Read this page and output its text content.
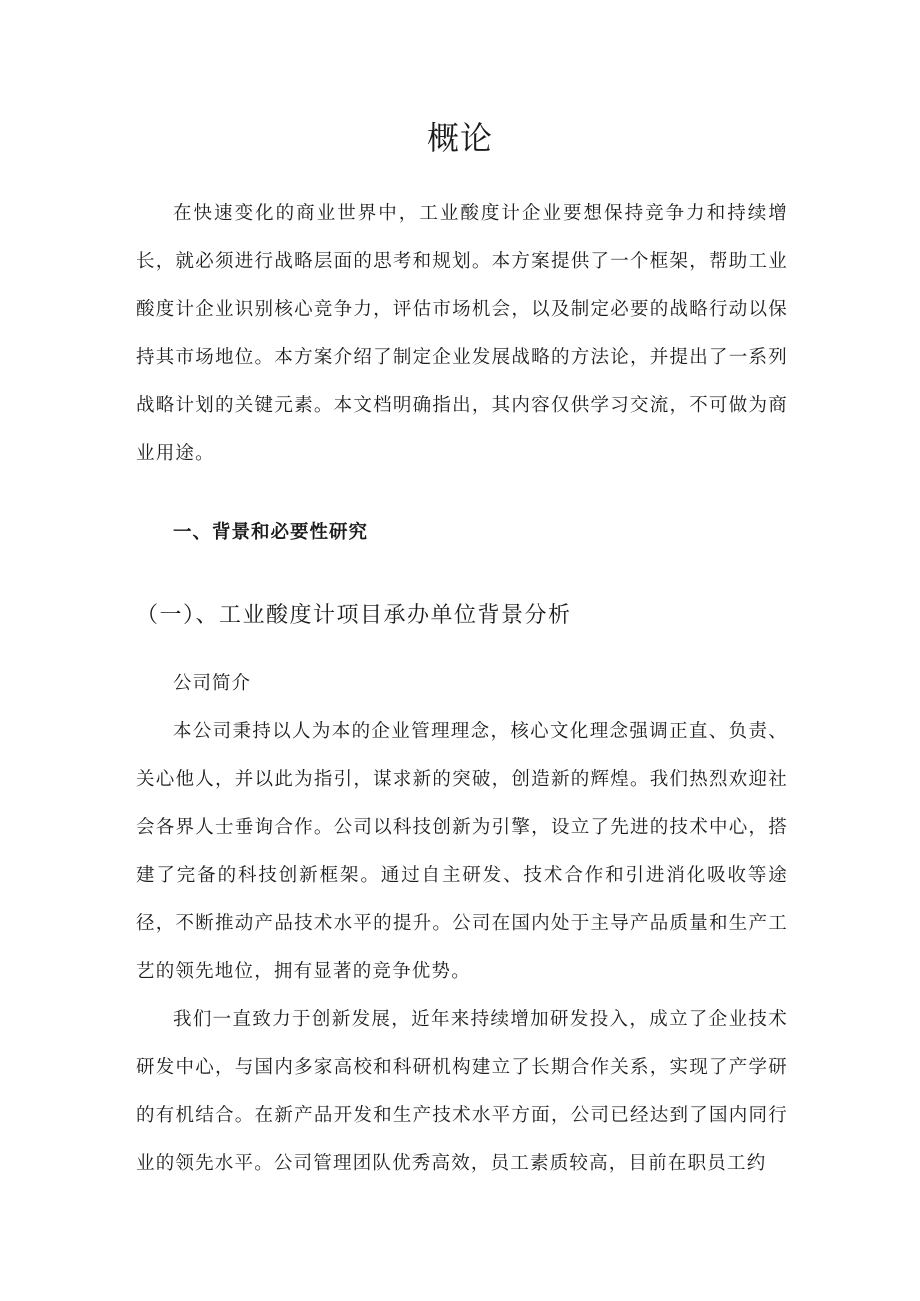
概论

在快速变化的商业世界中，工业酸度计企业要想保持竞争力和持续增长，就必须进行战略层面的思考和规划。本方案提供了一个框架，帮助工业酸度计企业识别核心竞争力，评估市场机会，以及制定必要的战略行动以保持其市场地位。本方案介绍了制定企业发展战略的方法论，并提出了一系列战略计划的关键元素。本文档明确指出，其内容仅供学习交流，不可做为商业用途。

一、背景和必要性研究
（一）、工业酸度计项目承办单位背景分析

公司简介

本公司秉持以人为本的企业管理理念，核心文化理念强调正直、负责、关心他人，并以此为指引，谋求新的突破，创造新的辉煌。我们热烈欢迎社会各界人士垂询合作。公司以科技创新为引擎，设立了先进的技术中心，搭建了完备的科技创新框架。通过自主研发、技术合作和引进消化吸收等途径，不断推动产品技术水平的提升。公司在国内处于主导产品质量和生产工艺的领先地位，拥有显著的竞争优势。

我们一直致力于创新发展，近年来持续增加研发投入，成立了企业技术研发中心，与国内多家高校和科研机构建立了长期合作关系，实现了产学研的有机结合。在新产品开发和生产技术水平方面，公司已经达到了国内同行业的领先水平。公司管理团队优秀高效，员工素质较高，目前在职员工约
